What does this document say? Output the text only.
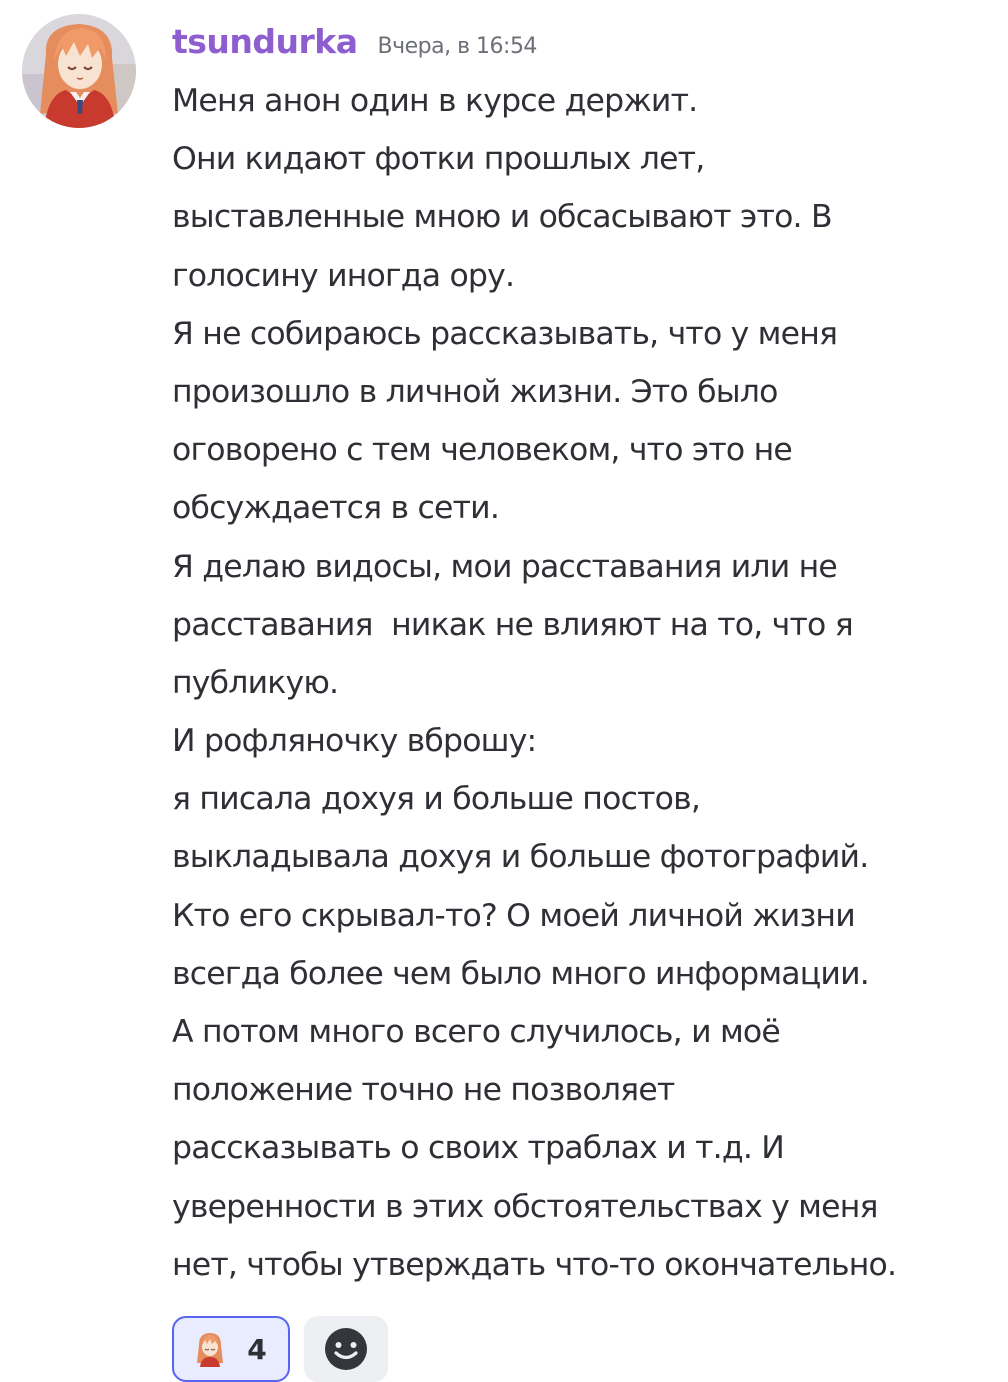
tsundurka Вчера, в 16:54
Меня анон один в курсе держит.
Они кидают фотки прошлых лет,
выставленные мною и обсасывают это. В
голосину иногда ору.
Я не собираюсь рассказывать, что у меня
произошло в личной жизни. Это было
оговорено с тем человеком, что это не
обсуждается в сети.
Я делаю видосы, мои расставания или не
расставания  никак не влияют на то, что я
публикую.
И рофляночку вброшу:
я писала дохуя и больше постов,
выкладывала дохуя и больше фотографий.
Кто его скрывал-то? О моей личной жизни
всегда более чем было много информации.
А потом много всего случилось, и моё
положение точно не позволяет
рассказывать о своих траблах и т.д. И
уверенности в этих обстоятельствах у меня
нет, чтобы утверждать что-то окончательно.
4
